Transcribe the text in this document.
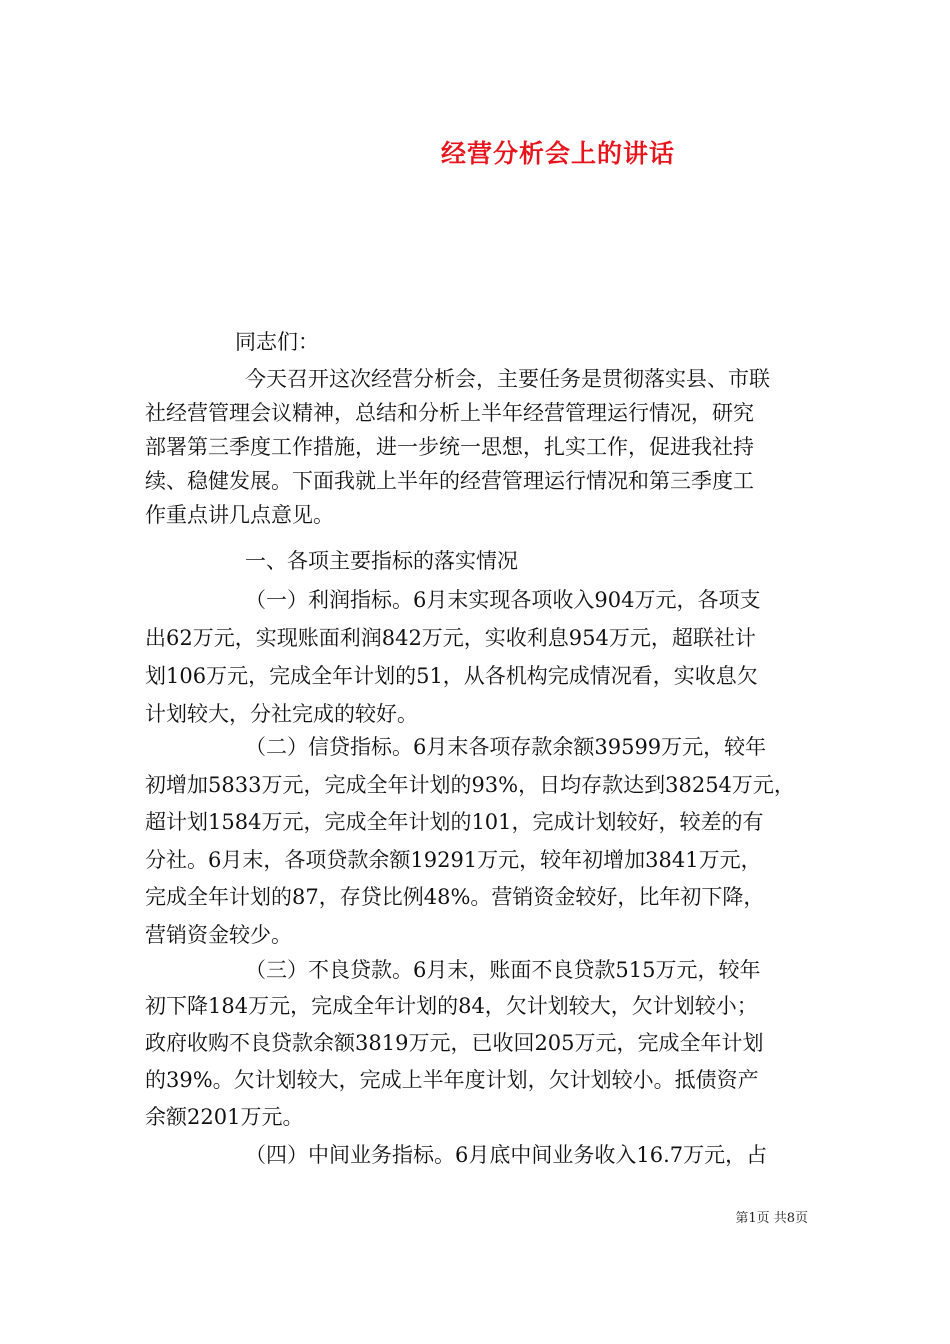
经营分析会上的讲话
同志们：
今天召开这次经营分析会，主要任务是贯彻落实县、市联
社经营管理会议精神，总结和分析上半年经营管理运行情况，研究
部署第三季度工作措施，进一步统一思想，扎实工作，促进我社持
续、稳健发展。下面我就上半年的经营管理运行情况和第三季度工
作重点讲几点意见。
一、各项主要指标的落实情况
（一）利润指标。6月末实现各项收入904万元，各项支
出62万元，实现账面利润842万元，实收利息954万元，超联社计
划106万元，完成全年计划的51，从各机构完成情况看，实收息欠
计划较大，分社完成的较好。
（二）信贷指标。6月末各项存款余额39599万元，较年
初增加5833万元，完成全年计划的93%，日均存款达到38254万元，
超计划1584万元，完成全年计划的101，完成计划较好，较差的有
分社。6月末，各项贷款余额19291万元，较年初增加3841万元，
完成全年计划的87，存贷比例48%。营销资金较好，比年初下降，
营销资金较少。
（三）不良贷款。6月末，账面不良贷款515万元，较年
初下降184万元，完成全年计划的84，欠计划较大，欠计划较小；
政府收购不良贷款余额3819万元，已收回205万元，完成全年计划
的39%。欠计划较大，完成上半年度计划，欠计划较小。抵债资产
余额2201万元。
（四）中间业务指标。6月底中间业务收入16.7万元，占
第1页 共8页
